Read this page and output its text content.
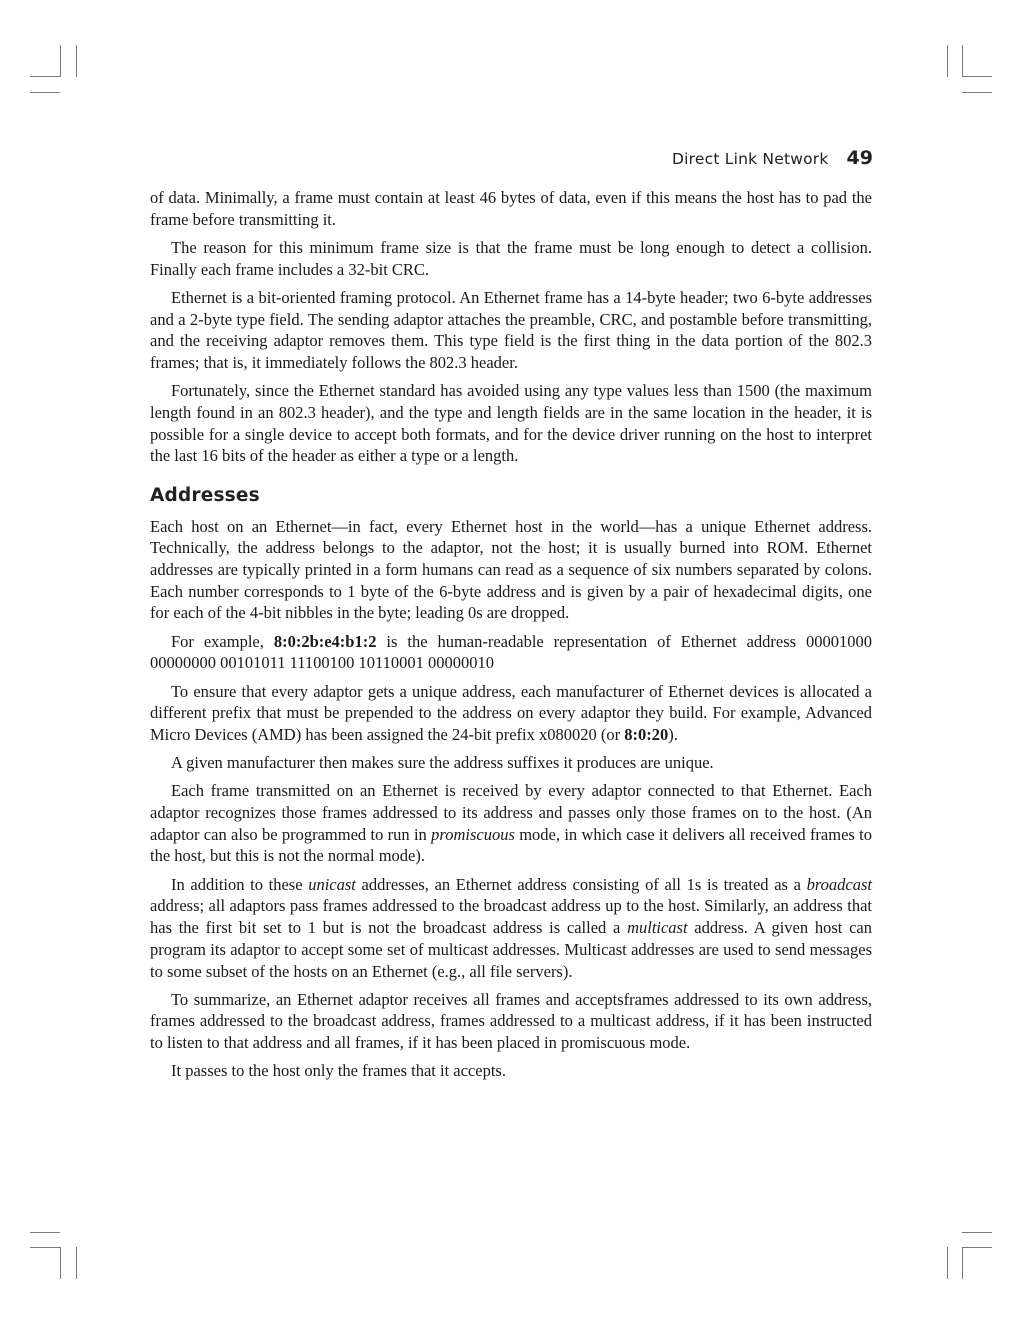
Direct Link Network 49

of data. Minimally, a frame must contain at least 46 bytes of data, even if this means the host has to pad the frame before transmitting it.

The reason for this minimum frame size is that the frame must be long enough to detect a collision. Finally each frame includes a 32-bit CRC.

Ethernet is a bit-oriented framing protocol. An Ethernet frame has a 14-byte header; two 6-byte addresses and a 2-byte type field. The sending adaptor attaches the preamble, CRC, and postamble before transmitting, and the receiving adaptor removes them. This type field is the first thing in the data portion of the 802.3 frames; that is, it immediately follows the 802.3 header.

Fortunately, since the Ethernet standard has avoided using any type values less than 1500 (the maximum length found in an 802.3 header), and the type and length fields are in the same location in the header, it is possible for a single device to accept both formats, and for the device driver running on the host to interpret the last 16 bits of the header as either a type or a length.

Addresses

Each host on an Ethernet—in fact, every Ethernet host in the world—has a unique Ethernet address. Technically, the address belongs to the adaptor, not the host; it is usually burned into ROM. Ethernet addresses are typically printed in a form humans can read as a sequence of six numbers separated by colons. Each number corresponds to 1 byte of the 6-byte address and is given by a pair of hexadecimal digits, one for each of the 4-bit nibbles in the byte; leading 0s are dropped.

For example, 8:0:2b:e4:b1:2 is the human-readable representation of Ethernet address 00001000 00000000 00101011 11100100 10110001 00000010

To ensure that every adaptor gets a unique address, each manufacturer of Ethernet devices is allocated a different prefix that must be prepended to the address on every adaptor they build. For example, Advanced Micro Devices (AMD) has been assigned the 24-bit prefix x080020 (or 8:0:20).

A given manufacturer then makes sure the address suffixes it produces are unique.

Each frame transmitted on an Ethernet is received by every adaptor connected to that Ethernet. Each adaptor recognizes those frames addressed to its address and passes only those frames on to the host. (An adaptor can also be programmed to run in promiscuous mode, in which case it delivers all received frames to the host, but this is not the normal mode).

In addition to these unicast addresses, an Ethernet address consisting of all 1s is treated as a broadcast address; all adaptors pass frames addressed to the broadcast address up to the host. Similarly, an address that has the first bit set to 1 but is not the broadcast address is called a multicast address. A given host can program its adaptor to accept some set of multicast addresses. Multicast addresses are used to send messages to some subset of the hosts on an Ethernet (e.g., all file servers).

To summarize, an Ethernet adaptor receives all frames and acceptsframes addressed to its own address, frames addressed to the broadcast address, frames addressed to a multicast address, if it has been instructed to listen to that address and all frames, if it has been placed in promiscuous mode.

It passes to the host only the frames that it accepts.
